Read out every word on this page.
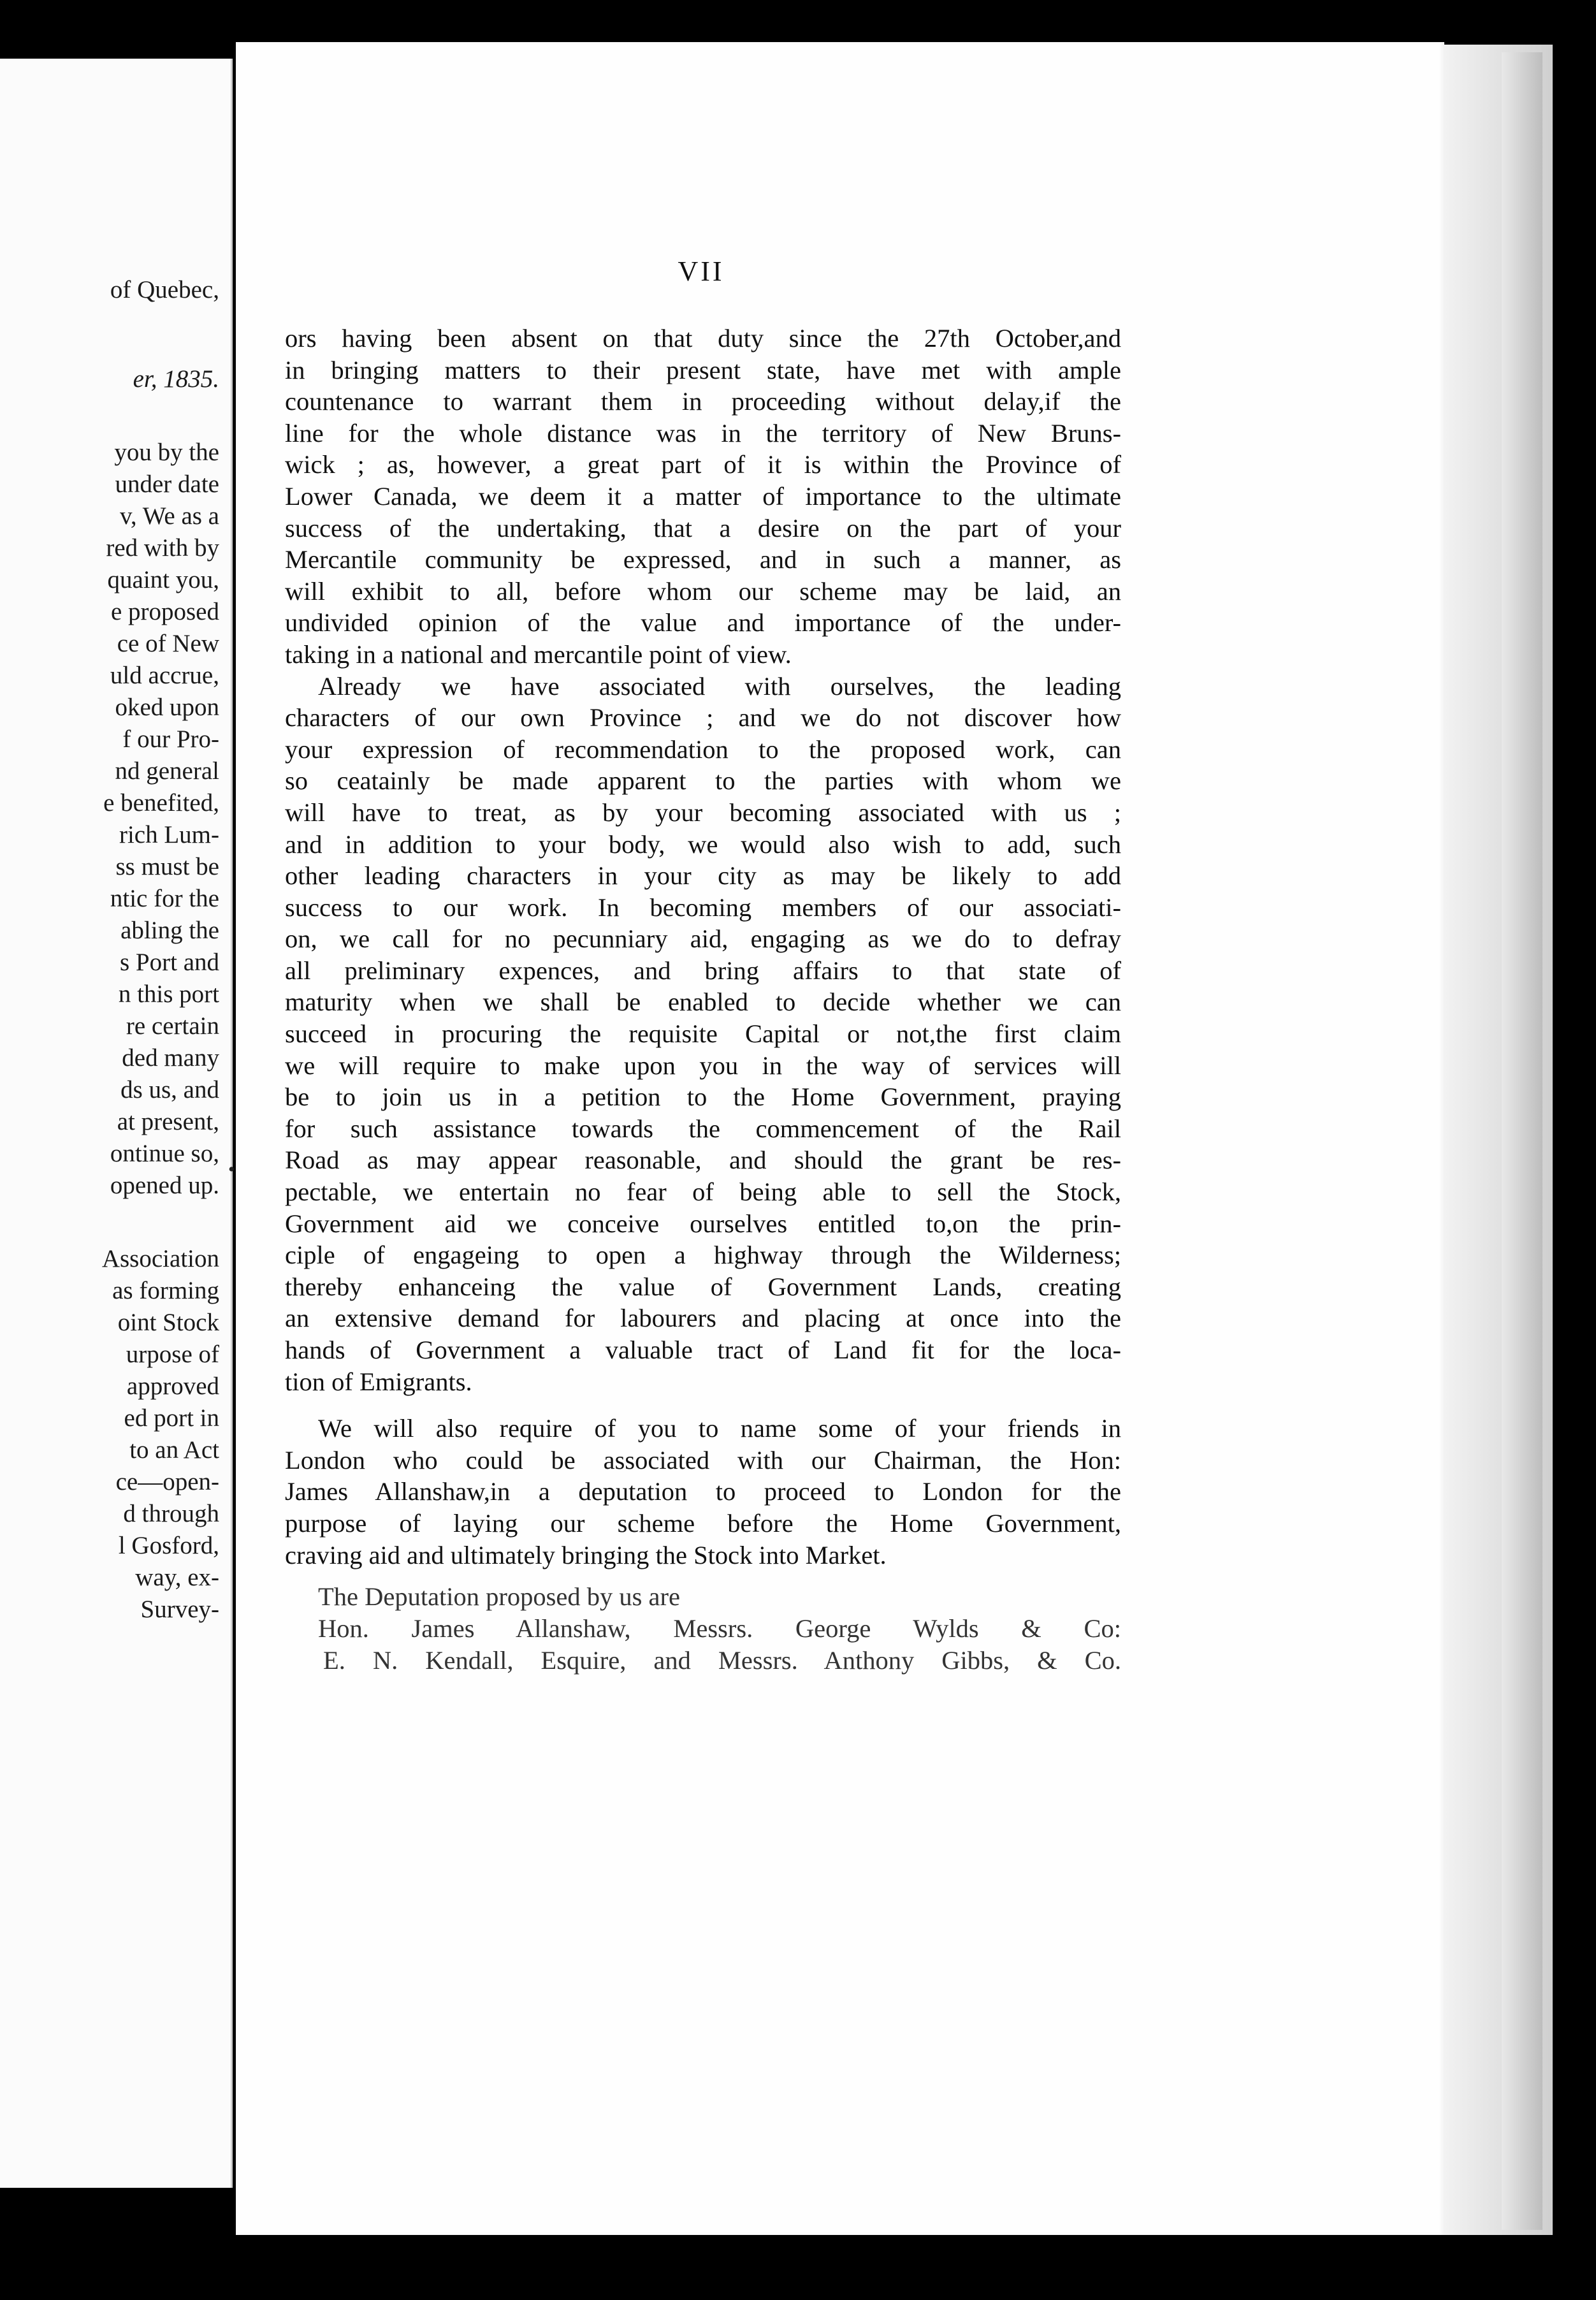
of Quebec,
er, 1835.
you by the
under date
v, We as a
red with by
quaint you,
e proposed
ce of New
uld accrue,
oked upon
f our Pro-
nd general
e benefited,
rich Lum-
ss must be
ntic for the
abling the
s Port and
n this port
re certain
ded many
ds us, and
at present,
ontinue so,
opened up.
Association
as forming
oint Stock
urpose of
approved
ed port in
to an Act
ce—open-
d through
l Gosford,
way, ex-
Survey-
VII
ors having been absent on that duty since the 27th October,and
in bringing matters to their present state, have met with ample
countenance to warrant them in proceeding without delay,if the
line for the whole distance was in the territory of New Bruns-
wick ; as, however, a great part of it is within the Province of
Lower Canada, we deem it a matter of importance to the ultimate
success of the undertaking, that a desire on the part of your
Mercantile community be expressed, and in such a manner, as
will exhibit to all, before whom our scheme may be laid, an
undivided opinion of the value and importance of the under-
taking in a national and mercantile point of view.
Already we have associated with ourselves, the leading
characters of our own Province ; and we do not discover how
your expression of recommendation to the proposed work, can
so ceatainly be made apparent to the parties with whom we
will have to treat, as by your becoming associated with us ;
and in addition to your body, we would also wish to add, such
other leading characters in your city as may be likely to add
success to our work. In becoming members of our associati-
on, we call for no pecunniary aid, engaging as we do to defray
all preliminary expences, and bring affairs to that state of
maturity when we shall be enabled to decide whether we can
succeed in procuring the requisite Capital or not,the first claim
we will require to make upon you in the way of services will
be to join us in a petition to the Home Government, praying
for such assistance towards the commencement of the Rail
Road as may appear reasonable, and should the grant be res-
pectable, we entertain no fear of being able to sell the Stock,
Government aid we conceive ourselves entitled to,on the prin-
ciple of engageing to open a highway through the Wilderness;
thereby enhanceing the value of Government Lands, creating
an extensive demand for labourers and placing at once into the
hands of Government a valuable tract of Land fit for the loca-
tion of Emigrants.
We will also require of you to name some of your friends in
London who could be associated with our Chairman, the Hon:
James Allanshaw,in a deputation to proceed to London for the
purpose of laying our scheme before the Home Government,
craving aid and ultimately bringing the Stock into Market.
The Deputation proposed by us are
Hon. James Allanshaw, Messrs. George Wylds & Co:
E. N. Kendall, Esquire, and Messrs. Anthony Gibbs, & Co.
•
